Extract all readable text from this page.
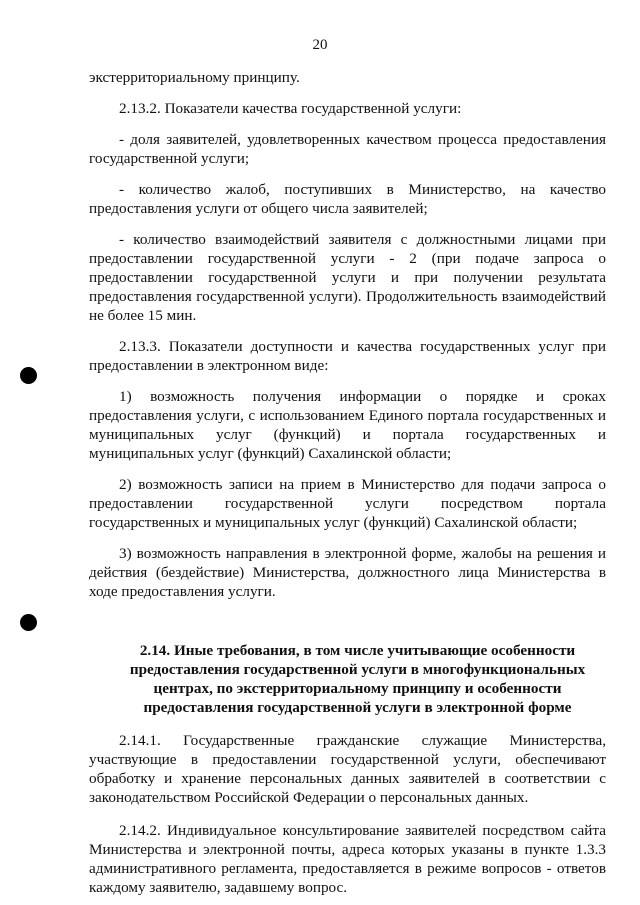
20

экстерриториальному принципу.

2.13.2. Показатели качества государственной услуги:

- доля заявителей, удовлетворенных качеством процесса предоставления государственной услуги;

- количество жалоб, поступивших в Министерство, на качество предоставления услуги от общего числа заявителей;

- количество взаимодействий заявителя с должностными лицами при предоставлении государственной услуги - 2 (при подаче запроса о предоставлении государственной услуги и при получении результата предоставления государственной услуги). Продолжительность взаимодействий не более 15 мин.

2.13.3. Показатели доступности и качества государственных услуг при предоставлении в электронном виде:

1) возможность получения информации о порядке и сроках предоставления услуги, с использованием Единого портала государственных и муниципальных услуг (функций) и портала государственных и муниципальных услуг (функций) Сахалинской области;

2) возможность записи на прием в Министерство для подачи запроса о предоставлении государственной услуги посредством портала государственных и муниципальных услуг (функций) Сахалинской области;

3) возможность направления в электронной форме, жалобы на решения и действия (бездействие) Министерства, должностного лица Министерства в ходе предоставления услуги.

2.14. Иные требования, в том числе учитывающие особенности предоставления государственной услуги в многофункциональных центрах, по экстерриториальному принципу и особенности предоставления государственной услуги в электронной форме

2.14.1. Государственные гражданские служащие Министерства, участвующие в предоставлении государственной услуги, обеспечивают обработку и хранение персональных данных заявителей в соответствии с законодательством Российской Федерации о персональных данных.

2.14.2. Индивидуальное консультирование заявителей посредством сайта Министерства и электронной почты, адреса которых указаны в пункте 1.3.3 административного регламента, предоставляется в режиме вопросов - ответов каждому заявителю, задавшему вопрос.
